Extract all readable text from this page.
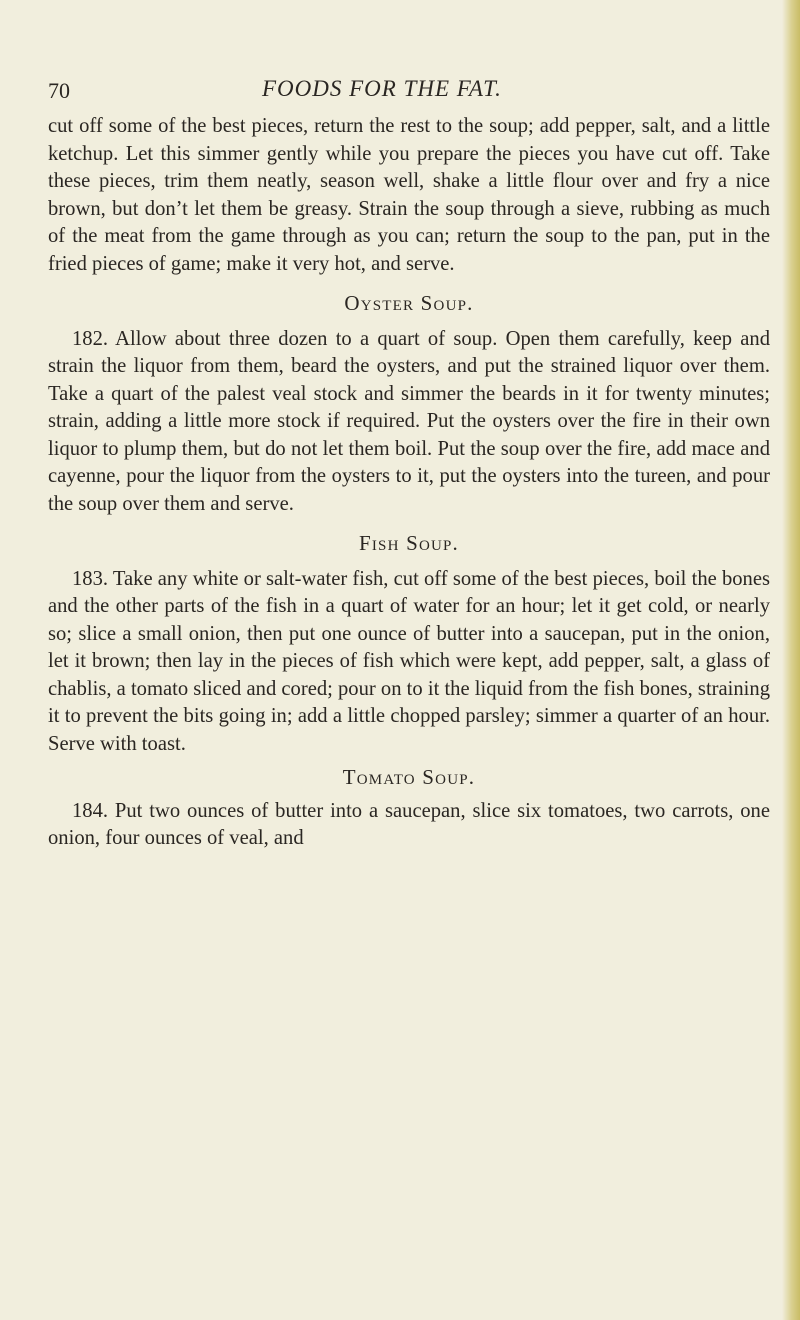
70	FOODS FOR THE FAT.

cut off some of the best pieces, return the rest to the soup; add pepper, salt, and a little ketchup. Let this simmer gently while you prepare the pieces you have cut off. Take these pieces, trim them neatly, season well, shake a little flour over and fry a nice brown, but don’t let them be greasy. Strain the soup through a sieve, rubbing as much of the meat from the game through as you can; return the soup to the pan, put in the fried pieces of game; make it very hot, and serve.

Oyster Soup.

182. Allow about three dozen to a quart of soup. Open them carefully, keep and strain the liquor from them, beard the oysters, and put the strained liquor over them. Take a quart of the palest veal stock and simmer the beards in it for twenty minutes; strain, adding a little more stock if required. Put the oysters over the fire in their own liquor to plump them, but do not let them boil. Put the soup over the fire, add mace and cayenne, pour the liquor from the oysters to it, put the oysters into the tureen, and pour the soup over them and serve.

Fish Soup.

183. Take any white or salt-water fish, cut off some of the best pieces, boil the bones and the other parts of the fish in a quart of water for an hour; let it get cold, or nearly so; slice a small onion, then put one ounce of butter into a saucepan, put in the onion, let it brown; then lay in the pieces of fish which were kept, add pepper, salt, a glass of chablis, a tomato sliced and cored; pour on to it the liquid from the fish bones, straining it to prevent the bits going in; add a little chopped parsley; simmer a quarter of an hour. Serve with toast.

Tomato Soup.

184. Put two ounces of butter into a saucepan, slice six tomatoes, two carrots, one onion, four ounces of veal, and
